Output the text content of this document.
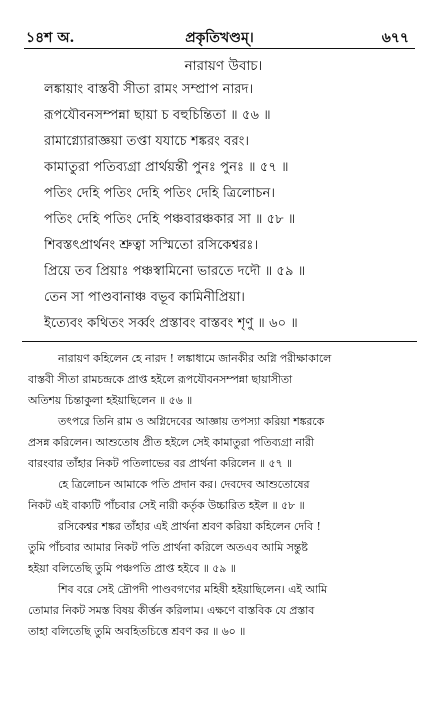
১৪শ অ.	প্রকৃতিখণ্ডম্।	৬৭৭
নারায়ণ উবাচ।
লঙ্কায়াং বাস্তবী সীতা রামং সম্প্রাপ নারদ।
রূপযৌবনসম্পন্না ছায়া চ বহুচিন্তিতা ॥ ৫৬ ॥
রামাগ্ন্যোরাজ্ঞয়া তপ্তা যযাচে শঙ্করং বরং।
কামাতুরা পতিব্যগ্রা প্রার্থয়ন্তী পুনঃ পুনঃ ॥ ৫৭ ॥
পতিং দেহি পতিং দেহি পতিং দেহি ত্রিলোচন।
পতিং দেহি পতিং দেহি পঞ্চবারঞ্চকার সা ॥ ৫৮ ॥
শিবস্তৎপ্রার্থনং শ্রুত্বা সস্মিতো রসিকেশ্বরঃ।
প্রিয়ে তব প্রিয়াঃ পঞ্চস্বামিনো ভারতে দদৌ ॥ ৫৯ ॥
তেন সা পাণ্ডবানাঞ্চ বভূব কামিনীপ্রিয়া।
ইত্যেবং কথিতং সর্ব্বং প্রস্তাবং বাস্তবং শৃণু ॥ ৬০ ॥
নারায়ণ কহিলেন হে নারদ ! লঙ্কাধামে জানকীর অগ্নি পরীক্ষাকালে
বাস্তবী সীতা রামচন্দ্রকে প্রাপ্ত হইলে রূপযৌবনসম্পন্না ছায়াসীতা
অতিশয় চিন্তাকুলা হইয়াছিলেন ॥ ৫৬ ॥
তৎপরে তিনি রাম ও অগ্নিদেবের আজ্ঞায় তপস্যা করিয়া শঙ্করকে
প্রসন্ন করিলেন। আশুতোষ প্রীত হইলে সেই কামাতুরা পতিব্যগ্রা নারী
বারংবার তাঁহার নিকট পতিলাভের বর প্রার্থনা করিলেন ॥ ৫৭ ॥
হে ত্রিলোচন আমাকে পতি প্রদান কর। দেবদেব আশুতোষের
নিকট এই বাক্যটি পাঁচবার সেই নারী কর্তৃক উচ্চারিত হইল ॥ ৫৮ ॥
রসিকেশ্বর শঙ্কর তাঁহার এই প্রার্থনা শ্রবণ করিয়া কহিলেন দেবি !
তুমি পাঁচবার আমার নিকট পতি প্রার্থনা করিলে অতএব আমি সন্তুষ্ট
হইয়া বলিতেছি তুমি পঞ্চপতি প্রাপ্ত হইবে ॥ ৫৯ ॥
শিব বরে সেই দ্রৌপদী পাণ্ডবগণের মহিষী হইয়াছিলেন। এই আমি
তোমার নিকট সমস্ত বিষয় কীর্ত্তন করিলাম। এক্ষণে বাস্তবিক যে প্রস্তাব
তাহা বলিতেছি তুমি অবহিতচিত্তে শ্রবণ কর ॥ ৬০ ॥
